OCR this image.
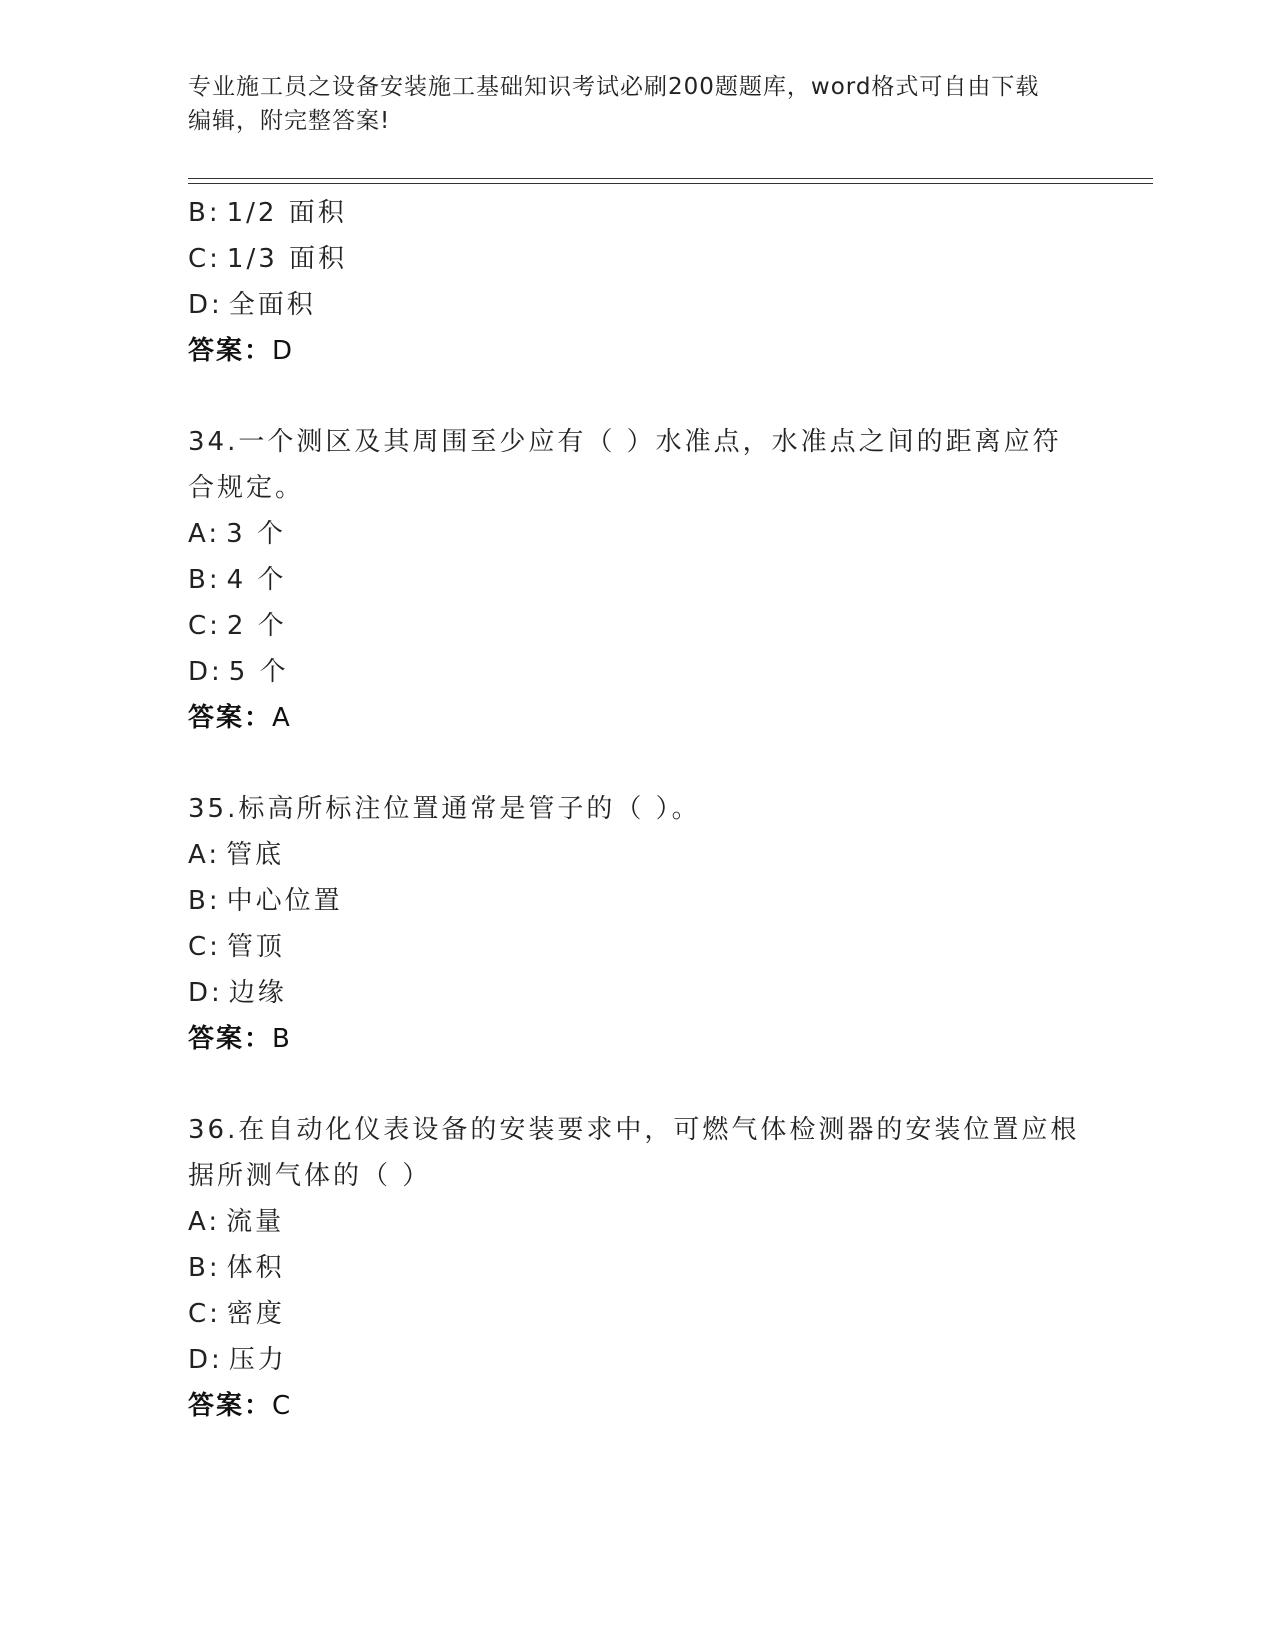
专业施工员之设备安装施工基础知识考试必刷200题题库，word格式可自由下载
编辑，附完整答案!
B: 1/2 面积
C: 1/3 面积
D: 全面积
答案：D
34.一个测区及其周围至少应有（ ）水准点，水准点之间的距离应符
合规定。
A: 3 个
B: 4 个
C: 2 个
D: 5 个
答案：A
35.标高所标注位置通常是管子的（ ）。
A: 管底
B: 中心位置
C: 管顶
D: 边缘
答案：B
36.在自动化仪表设备的安装要求中，可燃气体检测器的安装位置应根
据所测气体的（ ）
A: 流量
B: 体积
C: 密度
D: 压力
答案：C
